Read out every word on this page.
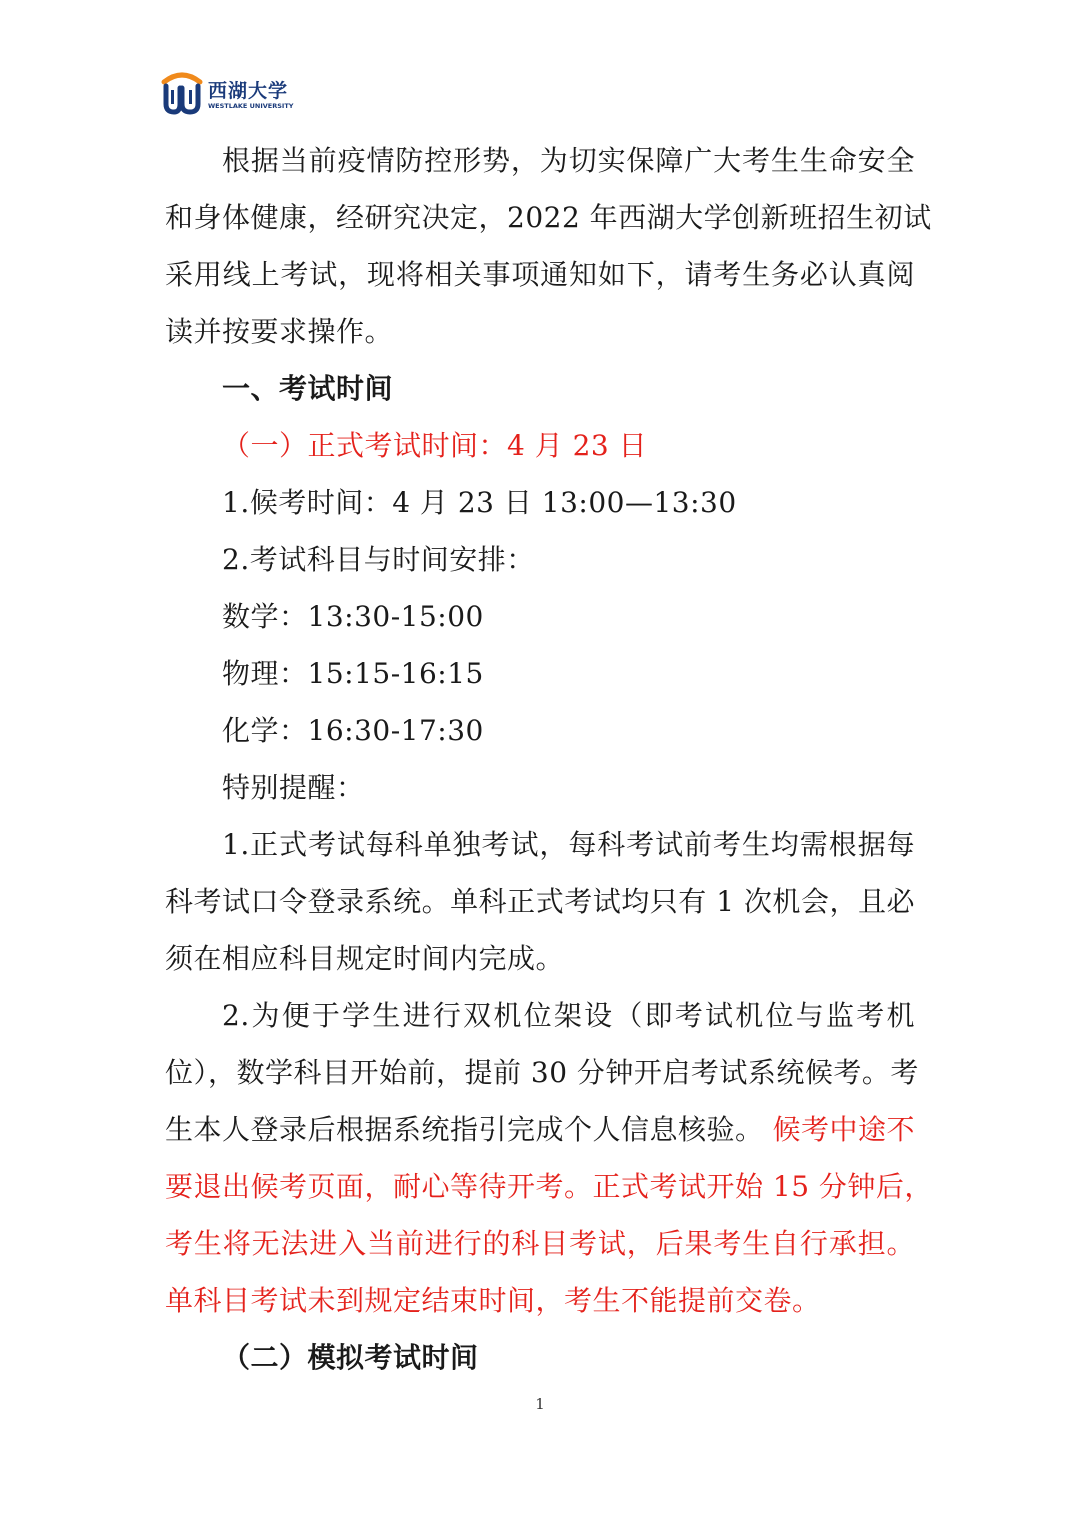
西湖大学
WESTLAKE UNIVERSITY
根据当前疫情防控形势，为切实保障广大考生生命安全
和身体健康，经研究决定，2022 年西湖大学创新班招生初试
采用线上考试，现将相关事项通知如下，请考生务必认真阅
读并按要求操作。
一、考试时间
（一）正式考试时间：4 月 23 日
1.候考时间：4 月 23 日 13:00—13:30
2.考试科目与时间安排：
数学：13:30-15:00
物理：15:15-16:15
化学：16:30-17:30
特别提醒：
1.正式考试每科单独考试，每科考试前考生均需根据每
科考试口令登录系统。单科正式考试均只有 1 次机会，且必
须在相应科目规定时间内完成。
2.为便于学生进行双机位架设（即考试机位与监考机
位），数学科目开始前，提前 30 分钟开启考试系统候考。考
生本人登录后根据系统指引完成个人信息核验。 候考中途不
要退出候考页面，耐心等待开考。正式考试开始 15 分钟后，
考生将无法进入当前进行的科目考试，后果考生自行承担。
单科目考试未到规定结束时间，考生不能提前交卷。
（二）模拟考试时间
1
